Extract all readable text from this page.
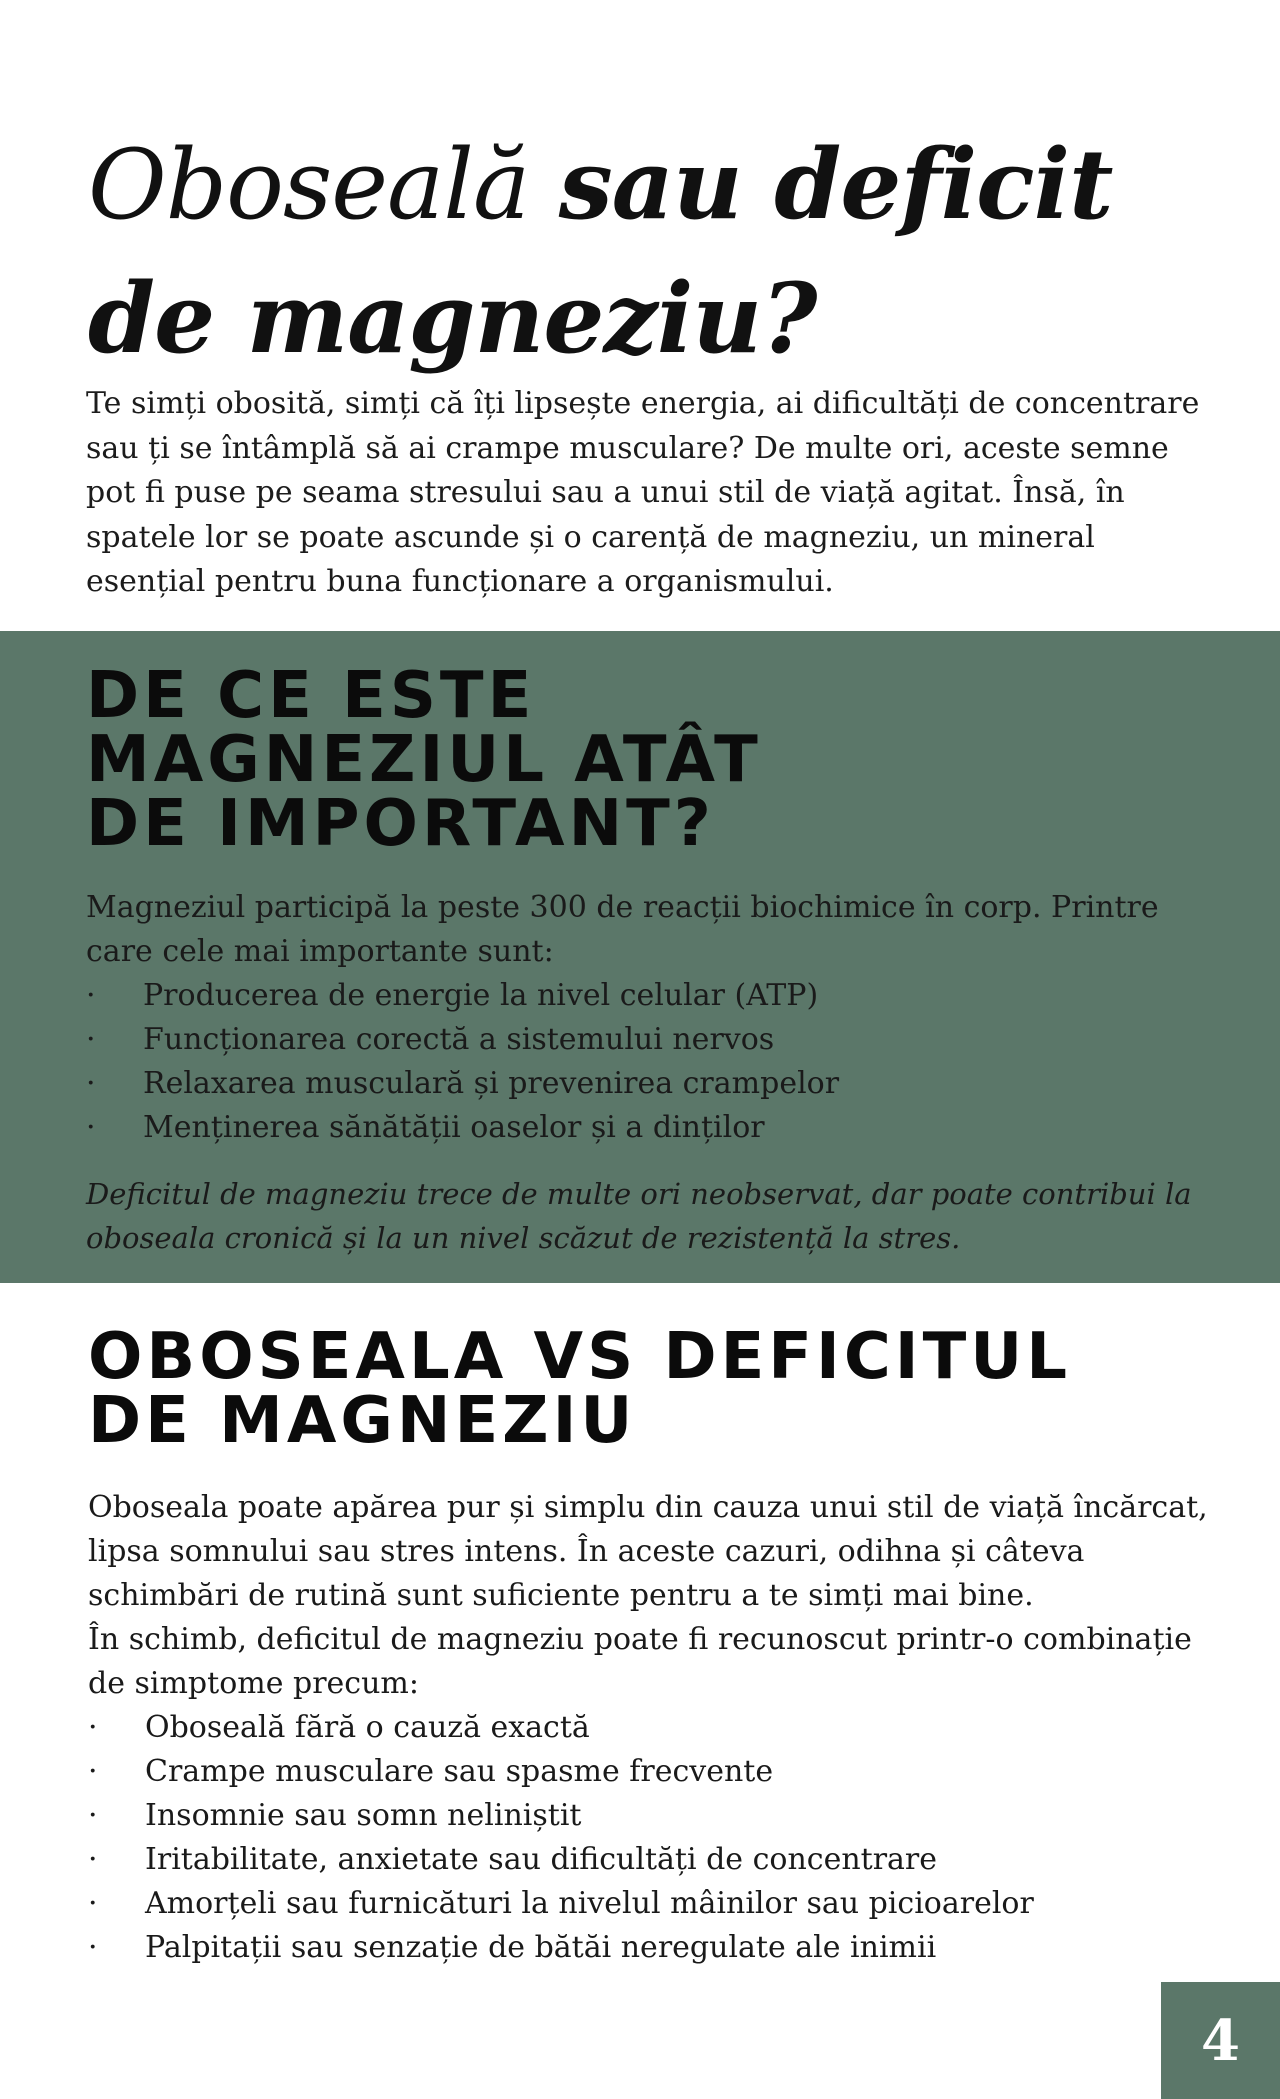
Oboseală sau deficit de magneziu?

Te simți obosită, simți că îți lipsește energia, ai dificultăți de concentrare sau ți se întâmplă să ai crampe musculare? De multe ori, aceste semne pot fi puse pe seama stresului sau a unui stil de viață agitat. Însă, în spatele lor se poate ascunde și o carență de magneziu, un mineral esențial pentru buna funcționare a organismului.

DE CE ESTE
MAGNEZIUL ATÂT
DE IMPORTANT?

Magneziul participă la peste 300 de reacții biochimice în corp. Printre care cele mai importante sunt:

· Producerea de energie la nivel celular (ATP)
· Funcționarea corectă a sistemului nervos
· Relaxarea musculară și prevenirea crampelor
· Menținerea sănătății oaselor și a dinților

Deficitul de magneziu trece de multe ori neobservat, dar poate contribui la oboseala cronică și la un nivel scăzut de rezistență la stres.

OBOSEALA VS DEFICITUL
DE MAGNEZIU

Oboseala poate apărea pur și simplu din cauza unui stil de viață încărcat, lipsa somnului sau stres intens. În aceste cazuri, odihna și câteva schimbări de rutină sunt suficiente pentru a te simți mai bine.

În schimb, deficitul de magneziu poate fi recunoscut printr-o combinație de simptome precum:

· Oboseală fără o cauză exactă
· Crampe musculare sau spasme frecvente
· Insomnie sau somn neliniștit
· Iritabilitate, anxietate sau dificultăți de concentrare
· Amorțeli sau furnicături la nivelul mâinilor sau picioarelor
· Palpitații sau senzație de bătăi neregulate ale inimii
4
